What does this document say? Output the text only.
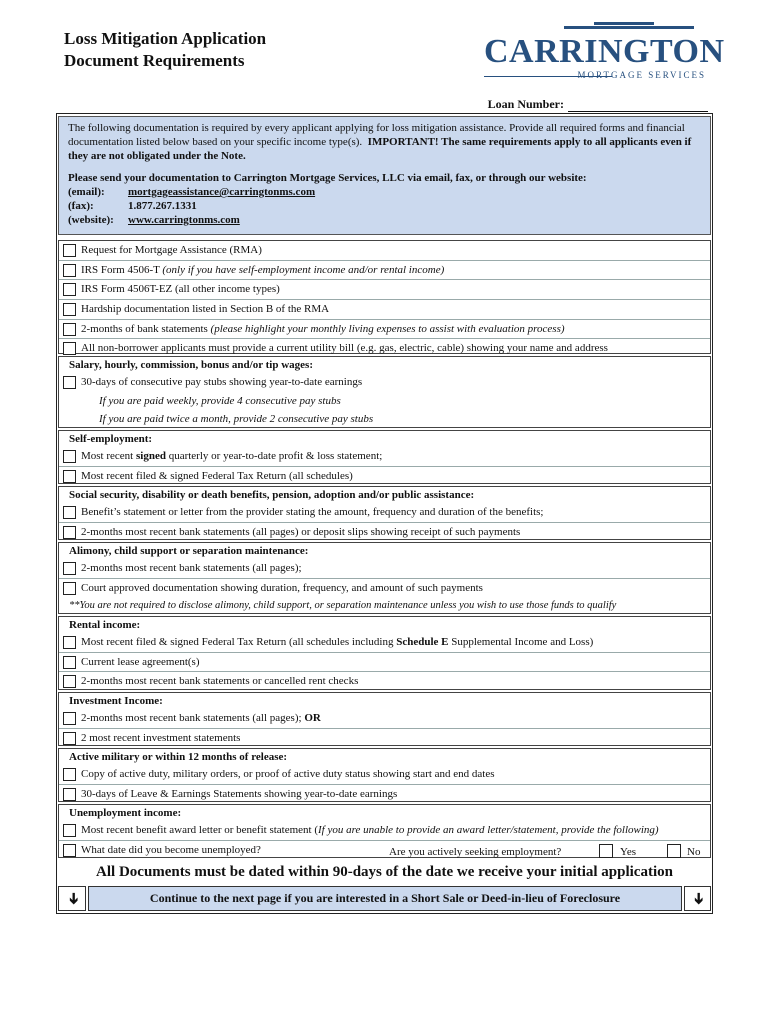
Loss Mitigation Application
Document Requirements	CARRINGTON
MORTGAGE SERVICES
Loan Number:

The following documentation is required by every applicant applying for loss mitigation assistance. Provide all required forms and financial documentation listed below based on your specific income type(s). IMPORTANT! The same requirements apply to all applicants even if they are not obligated under the Note.

Please send your documentation to Carrington Mortgage Services, LLC via email, fax, or through our website:
(email):	mortgageassistance@carringtonms.com
(fax):	1.877.267.1331
(website):	www.carringtonms.com
Request for Mortgage Assistance (RMA)
IRS Form 4506-T (only if you have self-employment income and/or rental income)
IRS Form 4506T-EZ (all other income types)
Hardship documentation listed in Section B of the RMA
2-months of bank statements (please highlight your monthly living expenses to assist with evaluation process)
All non-borrower applicants must provide a current utility bill (e.g. gas, electric, cable) showing your name and address
Salary, hourly, commission, bonus and/or tip wages:
30-days of consecutive pay stubs showing year-to-date earnings
If you are paid weekly, provide 4 consecutive pay stubs
If you are paid twice a month, provide 2 consecutive pay stubs
Self-employment:
Most recent signed quarterly or year-to-date profit & loss statement;
Most recent filed & signed Federal Tax Return (all schedules)
Social security, disability or death benefits, pension, adoption and/or public assistance:
Benefit’s statement or letter from the provider stating the amount, frequency and duration of the benefits;
2-months most recent bank statements (all pages) or deposit slips showing receipt of such payments
Alimony, child support or separation maintenance:
2-months most recent bank statements (all pages);
Court approved documentation showing duration, frequency, and amount of such payments
**You are not required to disclose alimony, child support, or separation maintenance unless you wish to use those funds to qualify
Rental income:
Most recent filed & signed Federal Tax Return (all schedules including Schedule E Supplemental Income and Loss)
Current lease agreement(s)
2-months most recent bank statements or cancelled rent checks
Investment Income:
2-months most recent bank statements (all pages); OR
2 most recent investment statements
Active military or within 12 months of release:
Copy of active duty, military orders, or proof of active duty status showing start and end dates
30-days of Leave & Earnings Statements showing year-to-date earnings
Unemployment income:
Most recent benefit award letter or benefit statement (If you are unable to provide an award letter/statement, provide the following)
What date did you become unemployed?	Are you actively seeking employment?	Yes	No
All Documents must be dated within 90-days of the date we receive your initial application
➔	Continue to the next page if you are interested in a Short Sale or Deed-in-lieu of Foreclosure	➔
